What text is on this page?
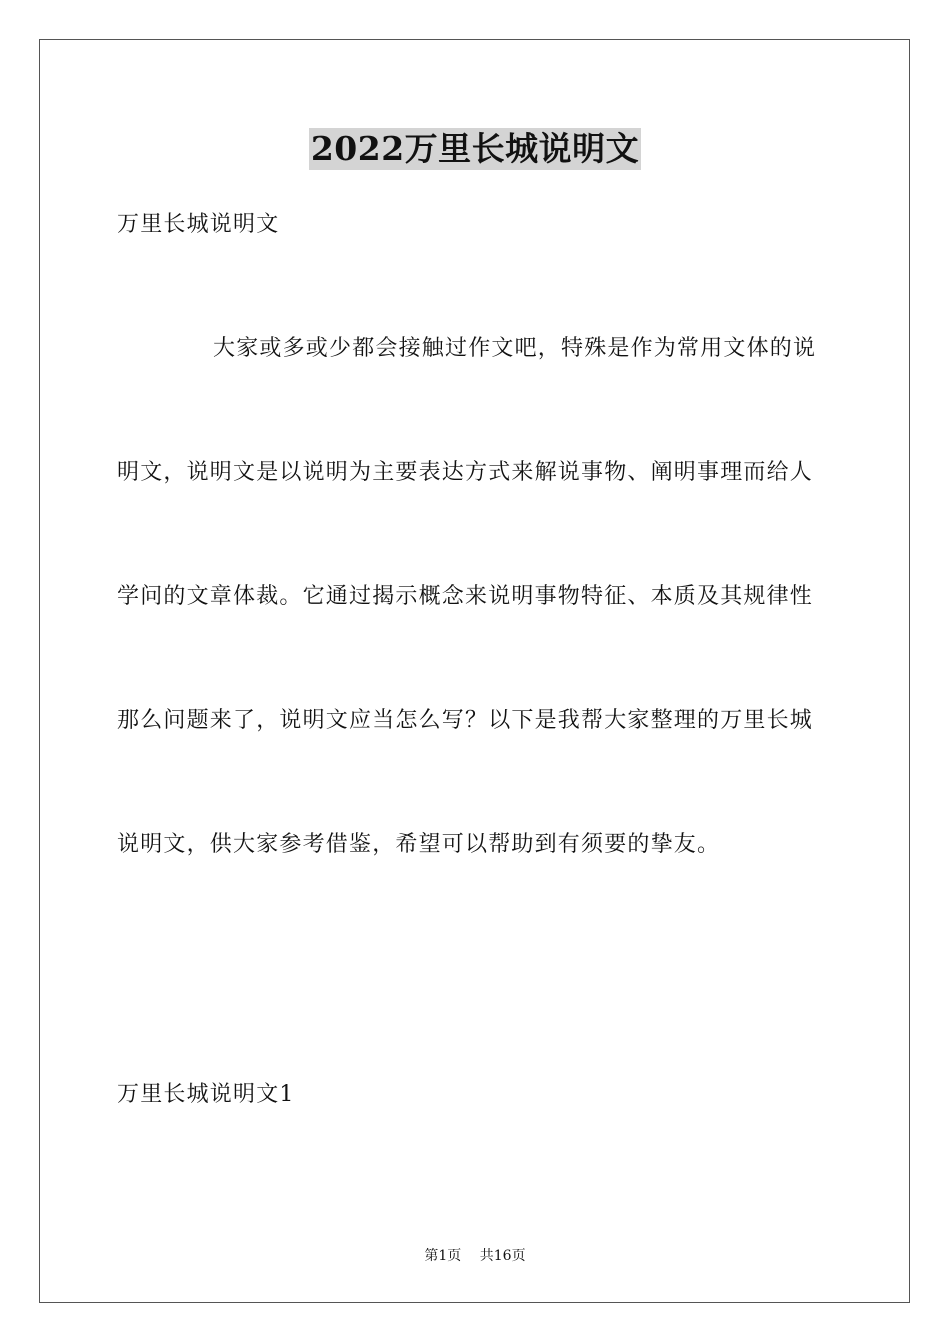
2022万里长城说明文
万里长城说明文
大家或多或少都会接触过作文吧，特殊是作为常用文体的说
明文，说明文是以说明为主要表达方式来解说事物、阐明事理而给人
学问的文章体裁。它通过揭示概念来说明事物特征、本质及其规律性
那么问题来了，说明文应当怎么写？以下是我帮大家整理的万里长城
说明文，供大家参考借鉴，希望可以帮助到有须要的挚友。
万里长城说明文1
第1页 共16页
